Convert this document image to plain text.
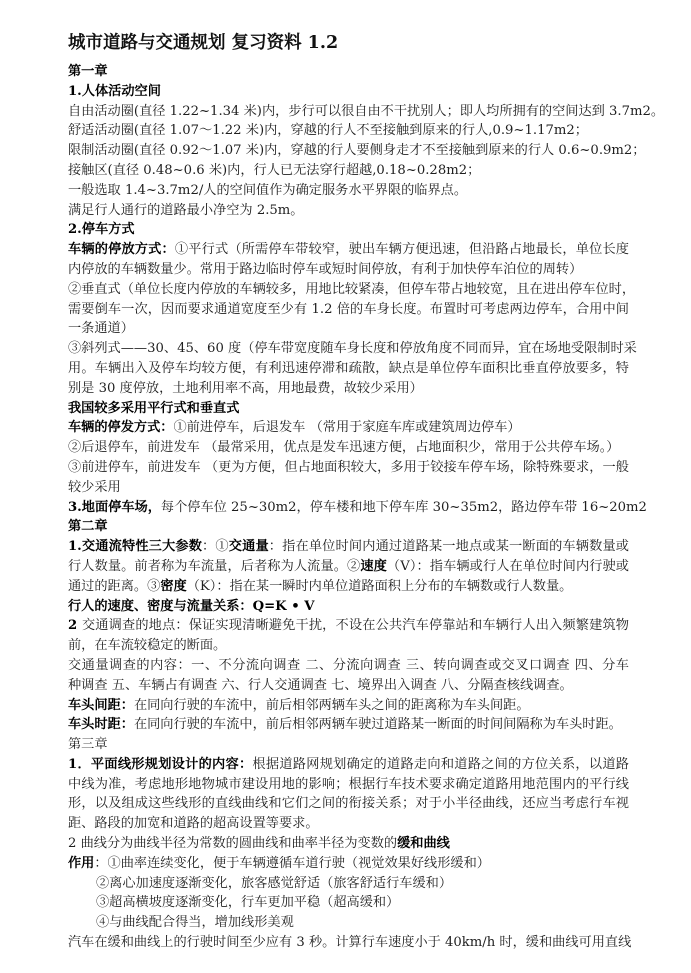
城市道路与交通规划 复习资料 1.2
第一章
1.人体活动空间
自由活动圈(直径 1.22~1.34 米)内，步行可以很自由不干扰别人；即人均所拥有的空间达到 3.7m2。
舒适活动圈(直径 1.07～1.22 米)内，穿越的行人不至接触到原来的行人,0.9~1.17m2；
限制活动圈(直径 0.92～1.07 米)内，穿越的行人要侧身走才不至接触到原来的行人 0.6~0.9m2；
接触区(直径 0.48~0.6 米)内，行人已无法穿行超越,0.18~0.28m2；
一般选取 1.4~3.7m2/人的空间值作为确定服务水平界限的临界点。
满足行人通行的道路最小净空为 2.5m。
2.停车方式
车辆的停放方式：①平行式（所需停车带较窄，驶出车辆方便迅速，但沿路占地最长，单位长度
内停放的车辆数量少。常用于路边临时停车或短时间停放，有利于加快停车泊位的周转）
②垂直式（单位长度内停放的车辆较多，用地比较紧凑，但停车带占地较宽，且在进出停车位时，
需要倒车一次，因而要求通道宽度至少有 1.2 倍的车身长度。布置时可考虑两边停车，合用中间
一条通道）
③斜列式——30、45、60 度（停车带宽度随车身长度和停放角度不同而异，宜在场地受限制时采
用。车辆出入及停车均较方便，有利迅速停滞和疏散，缺点是单位停车面积比垂直停放要多，特
别是 30 度停放，土地利用率不高，用地最费，故较少采用）
我国较多采用平行式和垂直式
车辆的停发方式：①前进停车，后退发车 （常用于家庭车库或建筑周边停车）
②后退停车，前进发车 （最常采用，优点是发车迅速方便，占地面积少，常用于公共停车场。）
③前进停车，前进发车 （更为方便，但占地面积较大，多用于铰接车停车场，除特殊要求，一般
较少采用
3.地面停车场，每个停车位 25~30m2，停车楼和地下停车库 30~35m2，路边停车带 16~20m2
第二章
1.交通流特性三大参数：①交通量：指在单位时间内通过道路某一地点或某一断面的车辆数量或
行人数量。前者称为车流量，后者称为人流量。②速度（V）：指车辆或行人在单位时间内行驶或
通过的距离。③密度（K）：指在某一瞬时内单位道路面积上分布的车辆数或行人数量。
行人的速度、密度与流量关系：Q=K • V
2 交通调查的地点：保证实现清晰避免干扰，不设在公共汽车停靠站和车辆行人出入频繁建筑物
前，在车流较稳定的断面。
交通量调查的内容：一、不分流向调查 二、分流向调查 三、转向调查或交叉口调查 四、分车
种调查 五、车辆占有调查 六、行人交通调查 七、境界出入调查 八、分隔查核线调查。
车头间距：在同向行驶的车流中，前后相邻两辆车头之间的距离称为车头间距。
车头时距：在同向行驶的车流中，前后相邻两辆车驶过道路某一断面的时间间隔称为车头时距。
第三章
1．平面线形规划设计的内容：根据道路网规划确定的道路走向和道路之间的方位关系，以道路
中线为准，考虑地形地物城市建设用地的影响；根据行车技术要求确定道路用地范围内的平行线
形，以及组成这些线形的直线曲线和它们之间的衔接关系；对于小半径曲线，还应当考虑行车视
距、路段的加宽和道路的超高设置等要求。
2 曲线分为曲线半径为常数的圆曲线和曲率半径为变数的缓和曲线
作用：①曲率连续变化，便于车辆遵循车道行驶（视觉效果好线形缓和）
②离心加速度逐渐变化，旅客感觉舒适（旅客舒适行车缓和）
③超高横坡度逐渐变化，行车更加平稳（超高缓和）
④与曲线配合得当，增加线形美观
汽车在缓和曲线上的行驶时间至少应有 3 秒。计算行车速度小于 40km/h 时，缓和曲线可用直线
